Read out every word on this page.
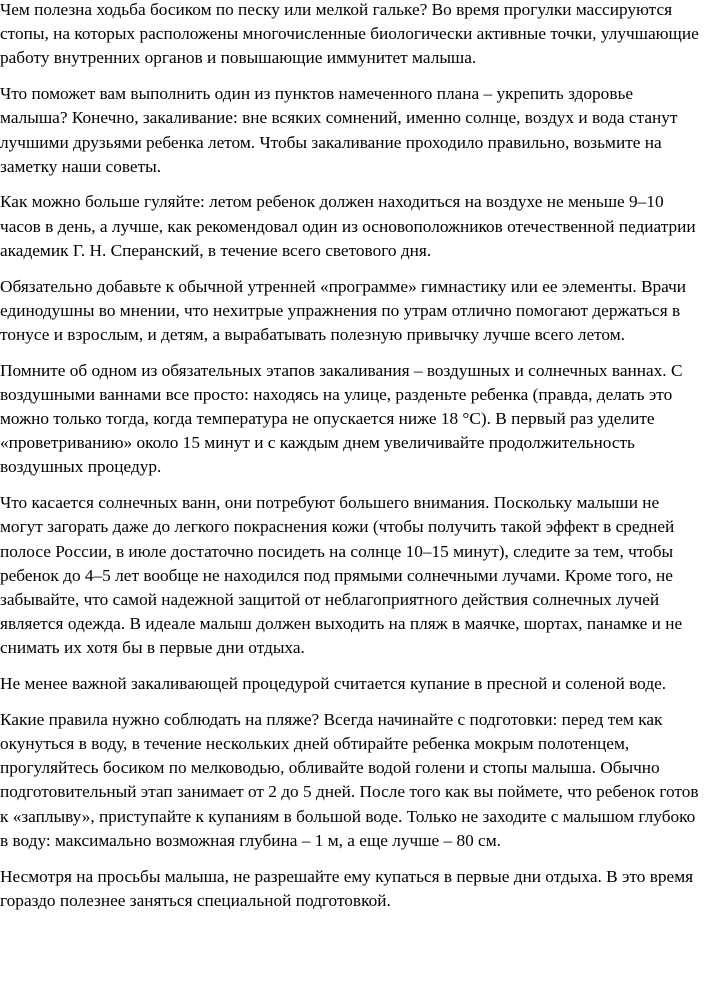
Чем полезна ходьба босиком по песку или мелкой гальке? Во время прогулки массируются стопы, на которых расположены многочисленные биологически активные точки, улучшающие работу внутренних органов и повышающие иммунитет малыша.

Что поможет вам выполнить один из пунктов намеченного плана – укрепить здоровье малыша? Конечно, закаливание: вне всяких сомнений, именно солнце, воздух и вода станут лучшими друзьями ребенка летом. Чтобы закаливание проходило правильно, возьмите на заметку наши советы.

Как можно больше гуляйте: летом ребенок должен находиться на воздухе не меньше 9–10 часов в день, а лучше, как рекомендовал один из основоположников отечественной педиатрии академик Г. Н. Сперанский, в течение всего светового дня.

Обязательно добавьте к обычной утренней «программе» гимнастику или ее элементы. Врачи единодушны во мнении, что нехитрые упражнения по утрам отлично помогают держаться в тонусе и взрослым, и детям, а вырабатывать полезную привычку лучше всего летом.

Помните об одном из обязательных этапов закаливания – воздушных и солнечных ваннах. С воздушными ваннами все просто: находясь на улице, разденьте ребенка (правда, делать это можно только тогда, когда температура не опускается ниже 18 °С). В первый раз уделите «проветриванию» около 15 минут и с каждым днем увеличивайте продолжительность воздушных процедур.

Что касается солнечных ванн, они потребуют большего внимания. Поскольку малыши не могут загорать даже до легкого покраснения кожи (чтобы получить такой эффект в средней полосе России, в июле достаточно посидеть на солнце 10–15 минут), следите за тем, чтобы ребенок до 4–5 лет вообще не находился под прямыми солнечными лучами. Кроме того, не забывайте, что самой надежной защитой от неблагоприятного действия солнечных лучей является одежда. В идеале малыш должен выходить на пляж в маячке, шортах, панамке и не снимать их хотя бы в первые дни отдыха.

Не менее важной закаливающей процедурой считается купание в пресной и соленой воде.

Какие правила нужно соблюдать на пляже? Всегда начинайте с подготовки: перед тем как окунуться в воду, в течение нескольких дней обтирайте ребенка мокрым полотенцем, прогуляйтесь босиком по мелководью, обливайте водой голени и стопы малыша. Обычно подготовительный этап занимает от 2 до 5 дней. После того как вы поймете, что ребенок готов к «заплыву», приступайте к купаниям в большой воде. Только не заходите с малышом глубоко в воду: максимально возможная глубина – 1 м, а еще лучше – 80 см.

Несмотря на просьбы малыша, не разрешайте ему купаться в первые дни отдыха. В это время гораздо полезнее заняться специальной подготовкой.
